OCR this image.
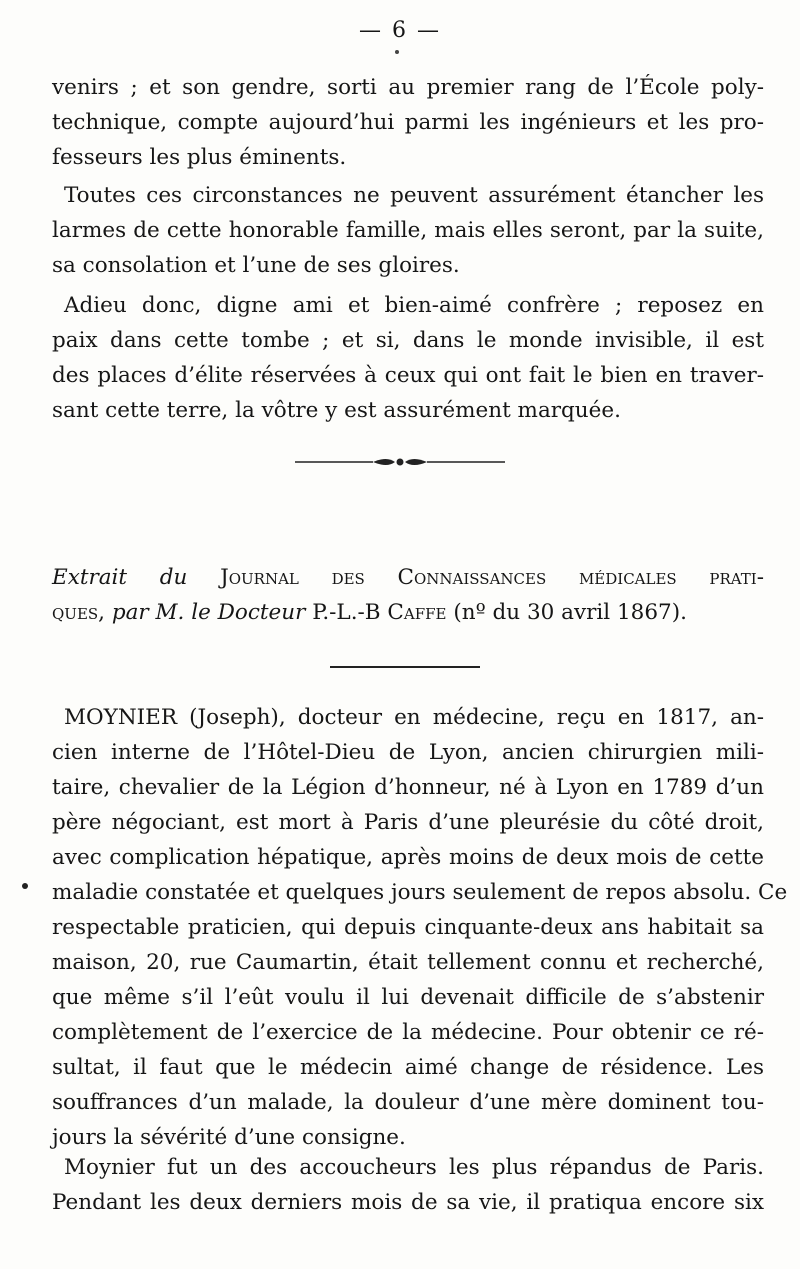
— 6 —

venirs ; et son gendre, sorti au premier rang de l’École poly-
technique, compte aujourd’hui parmi les ingénieurs et les pro-
fesseurs les plus éminents.

Toutes ces circonstances ne peuvent assurément étancher les
larmes de cette honorable famille, mais elles seront, par la suite,
sa consolation et l’une de ses gloires.

Adieu donc, digne ami et bien-aimé confrère ; reposez en
paix dans cette tombe ; et si, dans le monde invisible, il est
des places d’élite réservées à ceux qui ont fait le bien en traver-
sant cette terre, la vôtre y est assurément marquée.

Extrait du Journal des Connaissances médicales prati-
ques, par M. le Docteur P.-L.-B Caffe (nº du 30 avril 1867).

MOYNIER (Joseph), docteur en médecine, reçu en 1817, an-
cien interne de l’Hôtel-Dieu de Lyon, ancien chirurgien mili-
taire, chevalier de la Légion d’honneur, né à Lyon en 1789 d’un
père négociant, est mort à Paris d’une pleurésie du côté droit,
avec complication hépatique, après moins de deux mois de cette
maladie constatée et quelques jours seulement de repos absolu. Ce
respectable praticien, qui depuis cinquante-deux ans habitait sa
maison, 20, rue Caumartin, était tellement connu et recherché,
que même s’il l’eût voulu il lui devenait difficile de s’abstenir
complètement de l’exercice de la médecine. Pour obtenir ce ré-
sultat, il faut que le médecin aimé change de résidence. Les
souffrances d’un malade, la douleur d’une mère dominent tou-
jours la sévérité d’une consigne.

Moynier fut un des accoucheurs les plus répandus de Paris.
Pendant les deux derniers mois de sa vie, il pratiqua encore six
